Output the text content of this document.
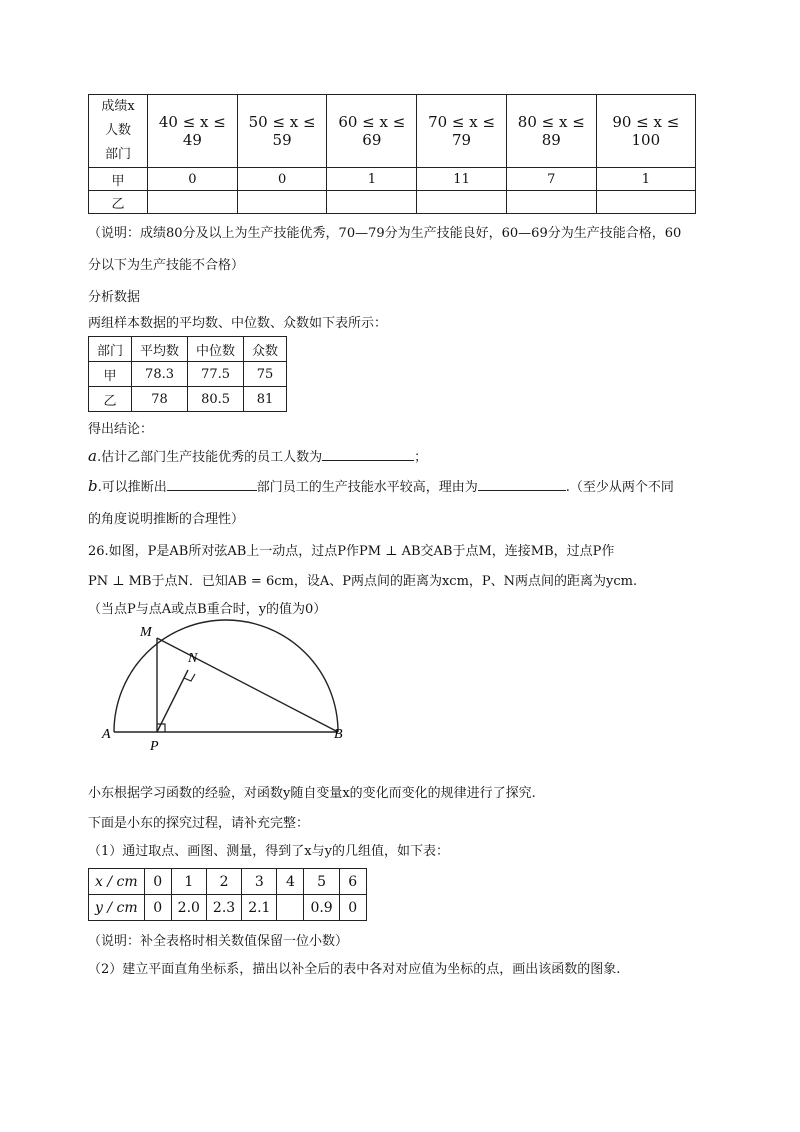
成绩x
人数
部门	40 ≤ x ≤ 49	50 ≤ x ≤ 59	60 ≤ x ≤ 69	70 ≤ x ≤ 79	80 ≤ x ≤ 89	90 ≤ x ≤ 100
甲	0	0	1	11	7	1
乙						
（说明：成绩80分及以上为生产技能优秀，70—79分为生产技能良好，60—69分为生产技能合格，60
分以下为生产技能不合格）
分析数据
两组样本数据的平均数、中位数、众数如下表所示：
部门	平均数	中位数	众数
甲	78.3	77.5	75
乙	78	80.5	81
得出结论：
a.估计乙部门生产技能优秀的员工人数为	；
b.可以推断出	部门员工的生产技能水平较高，理由为	.（至少从两个不同
的角度说明推断的合理性）
26.如图，P是AB所对弦AB上一动点，过点P作PM ⊥ AB交AB于点M，连接MB，过点P作
PN ⊥ MB于点N．已知AB = 6cm，设A、P两点间的距离为xcm，P、N两点间的距离为ycm.
（当点P与点A或点B重合时，y的值为0）
M
N
A
P
B
小东根据学习函数的经验，对函数y随自变量x的变化而变化的规律进行了探究.
下面是小东的探究过程，请补充完整：
（1）通过取点、画图、测量，得到了x与y的几组值，如下表：
x / cm	0	1	2	3	4	5	6
y / cm	0	2.0	2.3	2.1		0.9	0
（说明：补全表格时相关数值保留一位小数）
（2）建立平面直角坐标系，描出以补全后的表中各对对应值为坐标的点，画出该函数的图象.
